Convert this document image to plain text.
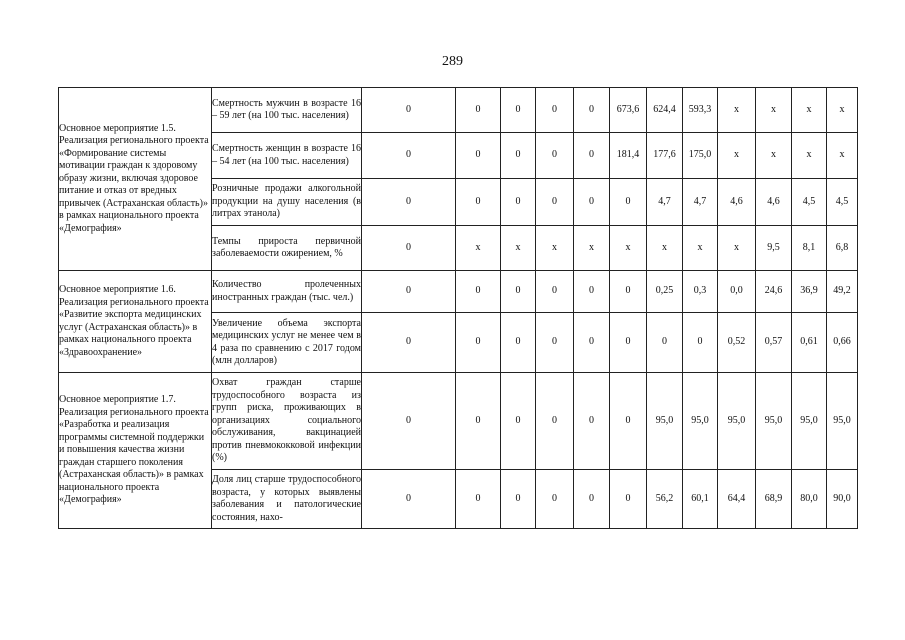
289
Основное мероприятие 1.5. Реализация регионального проекта «Формирование системы мотивации граждан к здоровому образу жизни, включая здоровое питание и отказ от вредных привычек (Астраханская область)» в рамках национального проекта «Демография»	Смертность мужчин в возрасте 16 – 59 лет (на 100 тыс. населения)	0	0	0	0	0	673,6	624,4	593,3	x	x	x	x
	Смертность женщин в возрасте 16 – 54 лет (на 100 тыс. населения)	0	0	0	0	0	181,4	177,6	175,0	x	x	x	x
	Розничные продажи алкогольной продукции на душу населения (в литрах этанола)	0	0	0	0	0	0	4,7	4,7	4,6	4,6	4,5	4,5
	Темпы прироста первичной заболеваемости ожирением, %	0	x	x	x	x	x	x	x	x	9,5	8,1	6,8
Основное мероприятие 1.6. Реализация регионального проекта «Развитие экспорта медицинских услуг (Астраханская область)» в рамках национального проекта «Здравоохранение»	Количество пролеченных иностранных граждан (тыс. чел.)	0	0	0	0	0	0	0,25	0,3	0,0	24,6	36,9	49,2
	Увеличение объема экспорта медицинских услуг не менее чем в 4 раза по сравнению с 2017 годом (млн долларов)	0	0	0	0	0	0	0	0	0,52	0,57	0,61	0,66
Основное мероприятие 1.7. Реализация регионального проекта «Разработка и реализация программы системной поддержки и повышения качества жизни граждан старшего поколения (Астраханская область)» в рамках национального проекта «Демография»	Охват граждан старше трудоспособного возраста из групп риска, проживающих в организациях социального обслуживания, вакцинацией против пневмококковой инфекции (%)	0	0	0	0	0	0	95,0	95,0	95,0	95,0	95,0	95,0
	Доля лиц старше трудоспособного возраста, у которых выявлены заболевания и патологические состояния, нахо-	0	0	0	0	0	0	56,2	60,1	64,4	68,9	80,0	90,0
